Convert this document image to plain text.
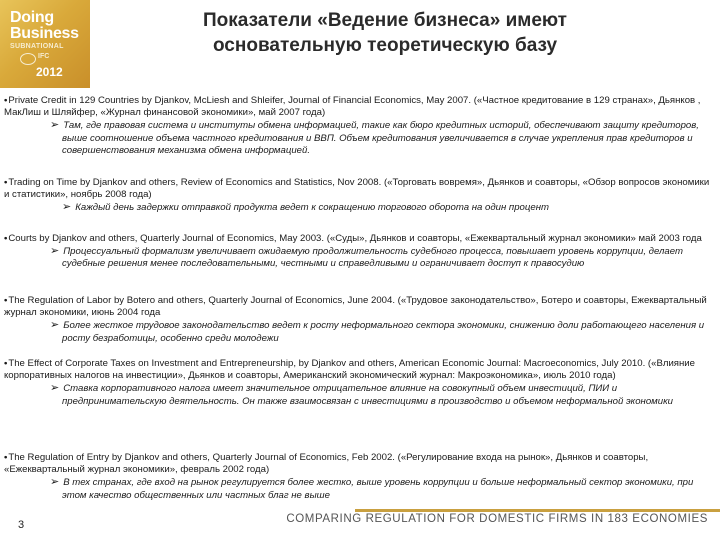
Doing
Business
SUBNATIONAL
IFC
2012
Показатели «Ведение бизнеса» имеют
основательную теоретическую базу
•Private Credit in 129 Countries by Djankov, McLiesh and Shleifer, Journal of Financial Economics, May 2007. («Частное кредитование в 129 странах», Дьянков , МакЛиш и Шляйфер, «Журнал финансовой экономики», май 2007 года)
➢ Там, где правовая система и институты обмена информацией, такие как бюро кредитных историй, обеспечивают защиту кредиторов, выше соотношение объема частного кредитования и ВВП. Объем кредитования увеличивается в случае укрепления прав кредиторов и совершенствования механизма обмена информацией.
•Trading on Time by Djankov and others, Review of Economics and Statistics, Nov 2008. («Торговать вовремя», Дьянков и соавторы, «Обзор вопросов экономики и статистики», ноябрь 2008 года)
➢ Каждый день задержки отправкой продукта ведет к сокращению торгового оборота на один процент
•Courts by Djankov and others, Quarterly Journal of Economics, May 2003. («Суды», Дьянков и соавторы, «Ежеквартальный журнал экономики» май 2003 года
➢ Процессуальный формализм увеличивает ожидаемую продолжительность судебного процесса, повышает уровень коррупции, делает судебные решения менее последовательными, честными и справедливыми и ограничивает доступ к правосудию
•The Regulation of Labor by Botero and others, Quarterly Journal of Economics, June 2004. («Трудовое законодательство», Ботеро и соавторы, Ежеквартальный журнал экономики, июнь 2004 года
➢ Более жесткое трудовое законодательство ведет к росту неформального сектора экономики, снижению доли работающего населения и росту безработицы, особенно среди молодежи
•The Effect of Corporate Taxes on Investment and Entrepreneurship, by Djankov and others, American Economic Journal: Macroeconomics, July 2010. («Влияние корпоративных налогов на инвестиции», Дьянков и соавторы, Американский экономический журнал: Макроэкономика», июль 2010 года)
➢ Ставка корпоративного налога имеет значительное отрицательное влияние на совокупный объем инвестиций, ПИИ и предпринимательскую деятельность. Он также взаимосвязан с инвестициями в производство и объемом неформальной экономики
•The Regulation of Entry by Djankov and others, Quarterly Journal of Economics, Feb 2002. («Регулирование входа на рынок», Дьянков и соавторы, «Ежеквартальный журнал экономики», февраль 2002 года)
➢ В тех странах, где вход на рынок регулируется более жестко, выше уровень коррупции и больше неформальный сектор экономики, при этом качество общественных или частных благ не выше
3	COMPARING REGULATION FOR DOMESTIC FIRMS IN 183 ECONOMIES
